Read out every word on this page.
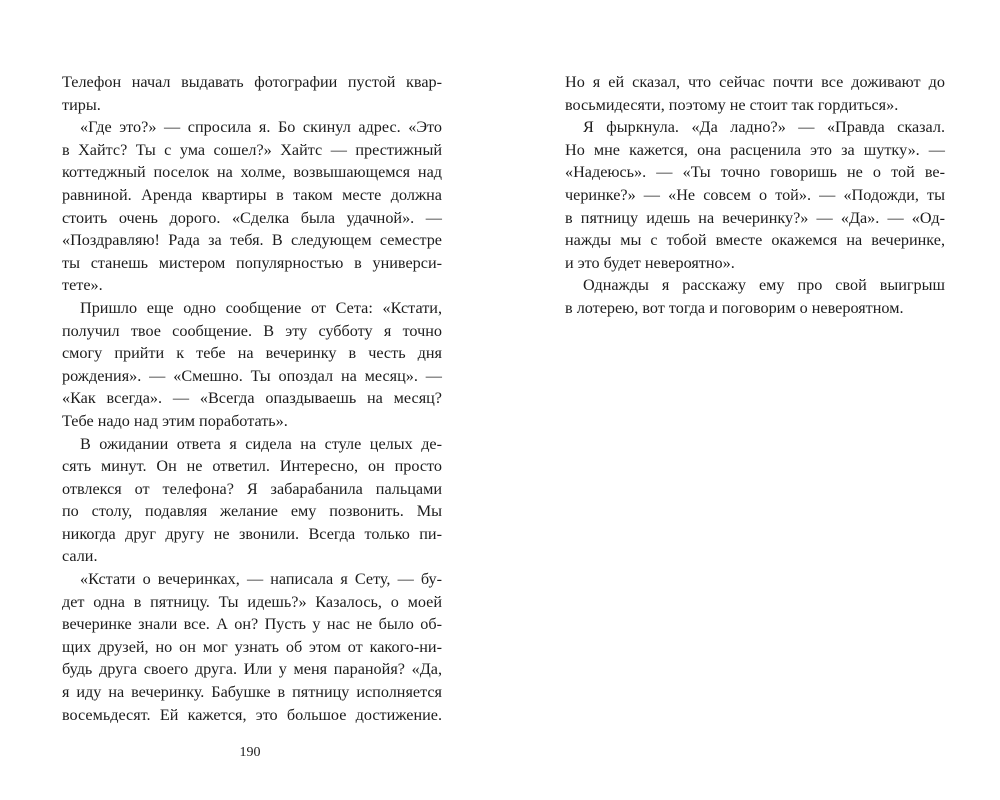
Телефон начал выдавать фотографии пустой квар-
тиры.
«Где это?» — спросила я. Бо скинул адрес. «Это
в Хайтс? Ты с ума сошел?» Хайтс — престижный
коттеджный поселок на холме, возвышающемся над
равниной. Аренда квартиры в таком месте должна
стоить очень дорого. «Сделка была удачной». —
«Поздравляю! Рада за тебя. В следующем семестре
ты станешь мистером популярностью в универси-
тете».
Пришло еще одно сообщение от Сета: «Кстати,
получил твое сообщение. В эту субботу я точно
смогу прийти к тебе на вечеринку в честь дня
рождения». — «Смешно. Ты опоздал на месяц». —
«Как всегда». — «Всегда опаздываешь на месяц?
Тебе надо над этим поработать».
В ожидании ответа я сидела на стуле целых де-
сять минут. Он не ответил. Интересно, он просто
отвлекся от телефона? Я забарабанила пальцами
по столу, подавляя желание ему позвонить. Мы
никогда друг другу не звонили. Всегда только пи-
сали.
«Кстати о вечеринках, — написала я Сету, — бу-
дет одна в пятницу. Ты идешь?» Казалось, о моей
вечеринке знали все. А он? Пусть у нас не было об-
щих друзей, но он мог узнать об этом от какого-ни-
будь друга своего друга. Или у меня паранойя? «Да,
я иду на вечеринку. Бабушке в пятницу исполняется
восемьдесят. Ей кажется, это большое достижение.
190
Но я ей сказал, что сейчас почти все доживают до
восьмидесяти, поэтому не стоит так гордиться».
Я фыркнула. «Да ладно?» — «Правда сказал.
Но мне кажется, она расценила это за шутку». —
«Надеюсь». — «Ты точно говоришь не о той ве-
черинке?» — «Не совсем о той». — «Подожди, ты
в пятницу идешь на вечеринку?» — «Да». — «Од-
нажды мы с тобой вместе окажемся на вечеринке,
и это будет невероятно».
Однажды я расскажу ему про свой выигрыш
в лотерею, вот тогда и поговорим о невероятном.
